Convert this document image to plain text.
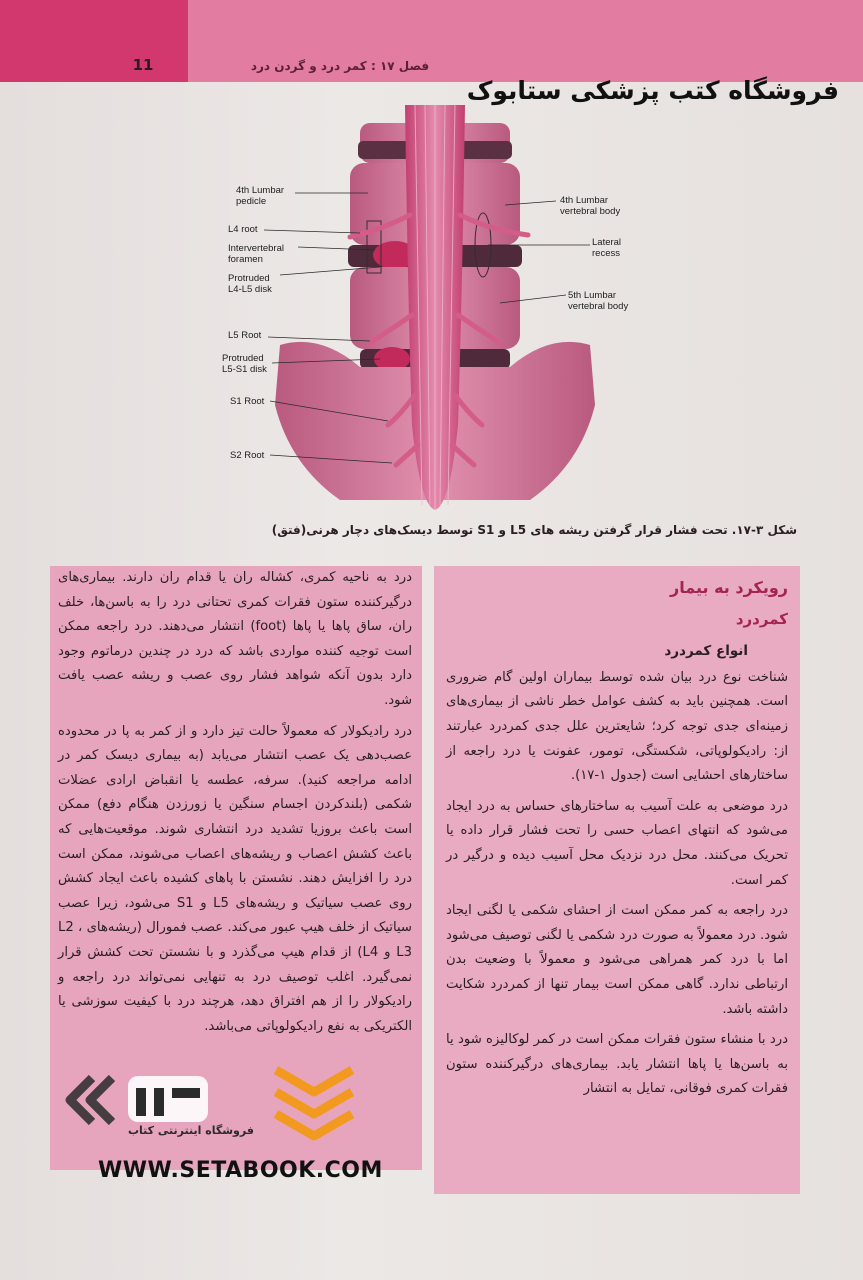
11	فصل ۱۷ : کمر درد و گردن درد
فروشگاه کتب پزشکی ستابوک
4th Lumbar
pedicle
L4 root
Intervertebral
foramen
Protruded
L4-L5 disk
L5 Root
Protruded
L5-S1 disk
S1 Root
S2 Root
4th Lumbar
vertebral body
Lateral
recess
5th Lumbar
vertebral body
شکل ۳-۱۷. تحت فشار قرار گرفتن ریشه های L5 و S1 توسط دیسک‌های دچار هرنی(فتق)
رویکرد به بیمار
کمردرد
انواع کمردرد

شناخت نوع درد بیان شده توسط بیماران اولین گام ضروری است. همچنین باید به کشف عوامل خطر ناشی از بیماری‌های زمینه‌ای جدی توجه کرد؛ شایعترین علل جدی کمردرد عبارتند از: رادیکولوپاتی، شکستگی، تومور، عفونت یا درد راجعه از ساختارهای احشایی است (جدول ۱-۱۷).

درد موضعی به علت آسیب به ساختارهای حساس به درد ایجاد می‌شود که انتهای اعصاب حسی را تحت فشار قرار داده یا تحریک می‌کنند. محل درد نزدیک محل آسیب دیده و درگیر در کمر است.

درد راجعه به کمر ممکن است از احشای شکمی یا لگنی ایجاد شود. درد معمولاً به صورت درد شکمی یا لگنی توصیف می‌شود اما با درد کمر همراهی می‌شود و معمولاً با وضعیت بدن ارتباطی ندارد. گاهی ممکن است بیمار تنها از کمردرد شکایت داشته باشد.

درد با منشاء ستون فقرات ممکن است در کمر لوکالیزه شود یا به باسن‌ها یا پاها انتشار یابد. بیماری‌های درگیرکننده ستون فقرات کمری فوقانی، تمایل به انتشار

درد به ناحیه کمری، کشاله ران یا قدام ران دارند. بیماری‌های درگیرکننده ستون فقرات کمری تحتانی درد را به باسن‌ها، خلف ران، ساق پاها یا پاها (foot) انتشار می‌دهند. درد راجعه ممکن است توجیه کننده مواردی باشد که درد در چندین درماتوم وجود دارد بدون آنکه شواهد فشار روی عصب و ریشه عصب یافت شود.

درد رادیکولار که معمولاً حالت تیز دارد و از کمر به پا در محدوده عصب‌دهی یک عصب انتشار می‌یابد (به بیماری دیسک کمر در ادامه مراجعه کنید). سرفه، عطسه یا انقباض ارادی عضلات شکمی (بلندکردن اجسام سنگین یا زورزدن هنگام دفع) ممکن است باعث بروزیا تشدید درد انتشاری شوند. موقعیت‌هایی که باعث کشش اعصاب و ریشه‌های اعصاب می‌شوند، ممکن است درد را افزایش دهند. نشستن با پاهای کشیده باعث ایجاد کشش روی عصب سیاتیک و ریشه‌های L5 و S1 می‌شود، زیرا عصب سیاتیک از خلف هیپ عبور می‌کند. عصب فمورال (ریشه‌های L2 ، L3 و L4) از قدام هیپ می‌گذرد و با نشستن تحت کشش قرار نمی‌گیرد. اغلب توصیف درد به تنهایی نمی‌تواند درد راجعه و رادیکولار را از هم افتراق دهد، هرچند درد با کیفیت سوزشی یا الکتریکی به نفع رادیکولوپاتی می‌باشد.

فروشگاه اینترنتی کتاب
WWW.SETABOOK.COM
